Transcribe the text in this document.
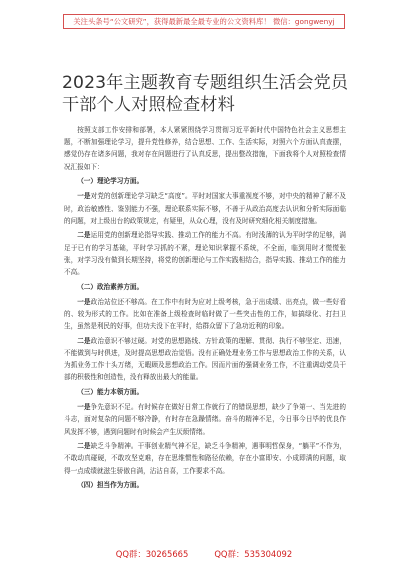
关注头条号“公文研究”，获得最新最全最专业的公文资料库！ 微信：gongwenyj
2023年主题教育专题组织生活会党员干部个人对照检查材料

按照支部工作安排和部署，本人紧紧围绕学习贯彻习近平新时代中国特色社会主义思想主题，不断加强理论学习，提升党性修养，结合思想、工作、生活实际，对照六个方面认真查摆，感觉仍存在诸多问题，我对存在问题进行了认真反思，提出整改措施，下面我将个人对照检查情况汇报如下：

（一）理论学习方面。

一是对党的创新理论学习缺乏“高度”。平时对国家大事重视度不够，对中央的精神了解不及时，政治敏感性、鉴别能力不强，理论联系实际不够，不善于从政治高度去认识和分析实际面临的问题，对上级出台的政策规定，有疑里，从众心理，没有及时研究细化相关制度措施。

二是运用党的创新理论指导实践、推动工作的能力不高。有时浅薄的认为平时学的足够，满足于已有的学习基础，平时学习抓的不紧，理论知识掌握不系统，不全面，临到用时才慌慌张张，对学习没有做到长期坚持，将党的创新理论与工作实践相结合，指导实践、推动工作的能力不高。

（二）政治素养方面。

一是政治站位还不够高。在工作中有时为应对上级考核，急于出成绩、出亮点，做一些好看的、较为形式的工作。比如在准备上级检查时临时做了一些突击性的工作，如搞绿化、打扫卫生，虽然是利民的好事，但功夫没下在平时，给群众留下了急功近利的印象。

二是政治意识不够过硬。对党的思想路线、方针政策的理解、贯彻、执行不够坚定、迅速，不能做到与时俱进，及时提高思想政治觉悟。没有正确处理业务工作与思想政治工作的关系，认为抓业务工作十头万绪，无暇顾及思想政治工作。因而片面的强调业务工作，不注重调动党员干部的积极性和创造性，没有释放出最大的能量。

（三）能力本领方面。

一是争先意识不足。有时候存在做好日常工作就行了的错误思想，缺少了争第一、当先进的斗志，面对复杂的问题不够冷静，有时存在急躁情绪。奋斗的精神不足，今日事今日毕的优良作风发挥不够，遇到问题时有时候会产生厌烦情绪。

二是缺乏斗争精神。干事创业精气神不足，缺乏斗争精神，遇事明哲保身，“躺平”不作为，不敢动真碰硬，不敢攻坚克难，存在思维惯性和路径依赖，存在小富即安、小成即满的问题，取得一点成绩就滋生骄傲自满，沾沾自喜，工作要求不高。

（四）担当作为方面。

QQ群：30265665	QQ群：535304092
